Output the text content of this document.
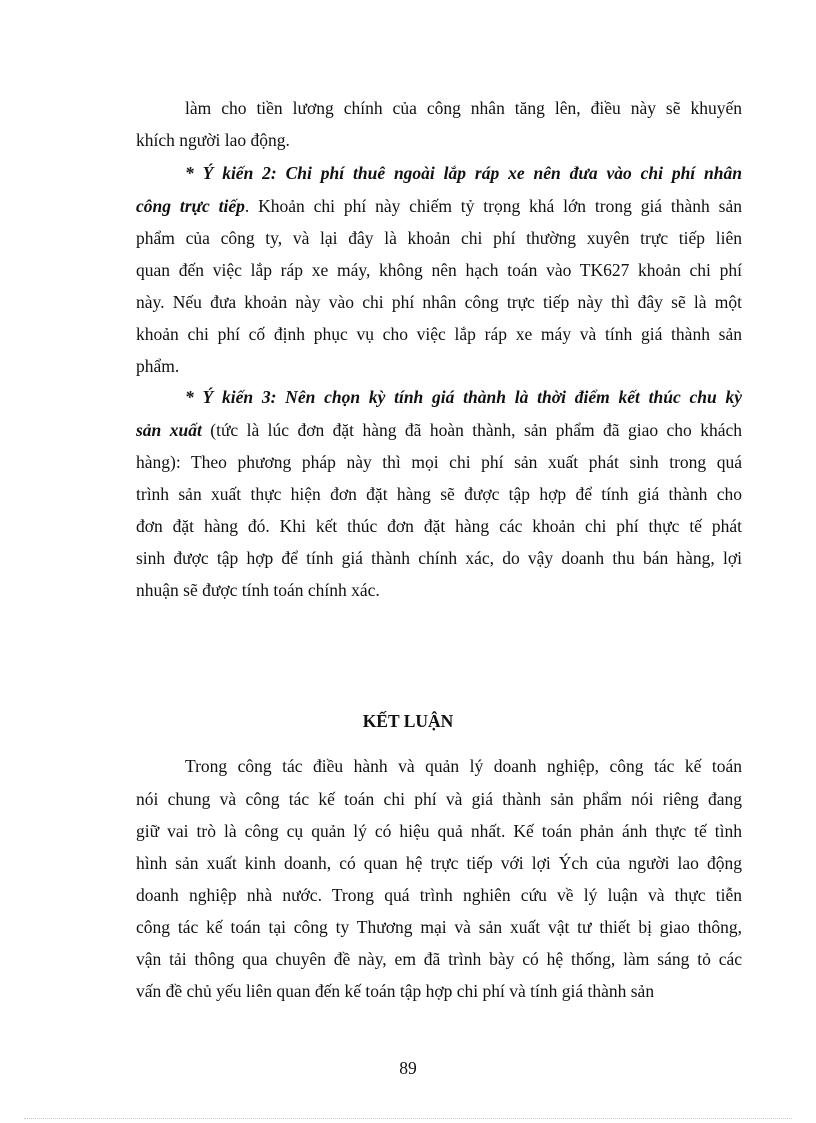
làm cho tiền lương chính của công nhân tăng lên, điều này sẽ khuyến
khích người lao động.
* Ý kiến 2: Chi phí thuê ngoài lắp ráp xe nên đưa vào chi phí nhân
công trực tiếp. Khoản chi phí này chiếm tỷ trọng khá lớn trong giá thành sản
phẩm của công ty, và lại đây là khoản chi phí thường xuyên trực tiếp liên
quan đến việc lắp ráp xe máy, không nên hạch toán vào TK627 khoản chi phí
này. Nếu đưa khoản này vào chi phí nhân công trực tiếp này thì đây sẽ là một
khoản chi phí cố định phục vụ cho việc lắp ráp xe máy và tính giá thành sản
phẩm.
* Ý kiến 3: Nên chọn kỳ tính giá thành là thời điểm kết thúc chu kỳ
sản xuất (tức là lúc đơn đặt hàng đã hoàn thành, sản phẩm đã giao cho khách
hàng): Theo phương pháp này thì mọi chi phí sản xuất phát sinh trong quá
trình sản xuất thực hiện đơn đặt hàng sẽ được tập hợp để tính giá thành cho
đơn đặt hàng đó. Khi kết thúc đơn đặt hàng các khoản chi phí thực tế phát
sinh được tập hợp để tính giá thành chính xác, do vậy doanh thu bán hàng, lợi
nhuận sẽ được tính toán chính xác.
KẾT LUẬN
Trong công tác điều hành và quản lý doanh nghiệp, công tác kế toán
nói chung và công tác kế toán chi phí và giá thành sản phẩm nói riêng đang
giữ vai trò là công cụ quản lý có hiệu quả nhất. Kế toán phản ánh thực tế tình
hình sản xuất kinh doanh, có quan hệ trực tiếp với lợi Ých của người lao động
doanh nghiệp nhà nước. Trong quá trình nghiên cứu về lý luận và thực tiễn
công tác kế toán tại công ty Thương mại và sản xuất vật tư thiết bị giao thông,
vận tải thông qua chuyên đề này, em đã trình bày có hệ thống, làm sáng tỏ các
vấn đề chủ yếu liên quan đến kế toán tập hợp chi phí và tính giá thành sản
89
